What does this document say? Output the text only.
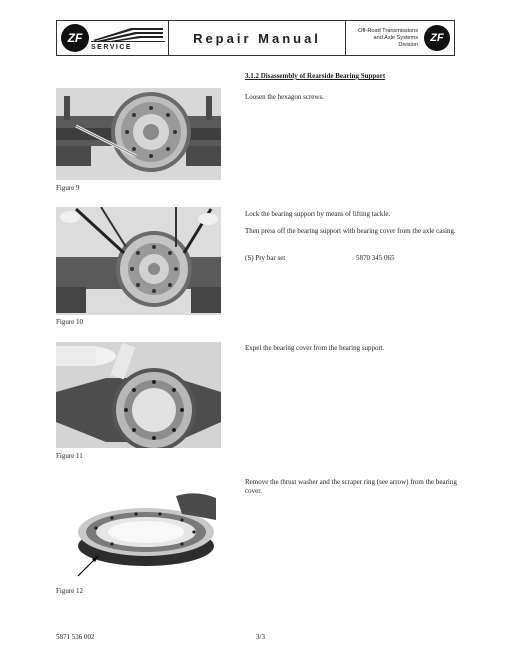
ZF
SERVICE
Repair Manual	Off-Road Transmissions
and Axle Systems
Division
ZF
3.1.2 Disassembly of Rearside Bearing Support
Figure 9
Loosen the hexagon screws.
Figure 10
Lock the bearing support by means of lifting tackle.
Then press off the bearing support with bearing cover from the axle casing.
(S) Pry bar set	5870 345 065
Figure 11
Expel the bearing cover from the bearing support.
Figure 12
Remove the thrust washer and the scraper ring (see arrow) from the bearing cover.
5871 536 002	3/3
